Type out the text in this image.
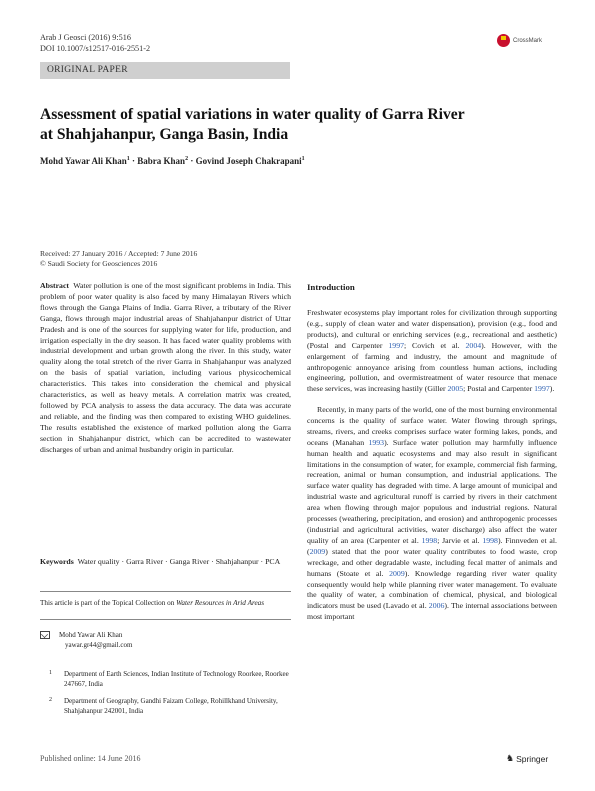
Arab J Geosci (2016) 9:516
DOI 10.1007/s12517-016-2551-2
CrossMark
ORIGINAL PAPER
Assessment of spatial variations in water quality of Garra River
at Shahjahanpur, Ganga Basin, India
Mohd Yawar Ali Khan$^1$ · Babra Khan$^2$ · Govind Joseph Chakrapani$^1$
Received: 27 January 2016 / Accepted: 7 June 2016
© Saudi Society for Geosciences 2016
Abstract Water pollution is one of the most significant problems in India. This problem of poor water quality is also faced by many Himalayan Rivers which flows through the Ganga Plains of India. Garra River, a tributary of the River Ganga, flows through major industrial areas of Shahjahanpur district of Uttar Pradesh and is one of the sources for supplying water for life, production, and irrigation especially in the dry season. It has faced water quality problems with industrial development and urban growth along the river. In this study, water quality along the total stretch of the river Garra in Shahjahanpur was analyzed on the basis of spatial variation, including various physicochemical characteristics. This takes into consideration the chemical and physical characteristics, as well as heavy metals. A correlation matrix was created, followed by PCA analysis to assess the data accuracy. The data was accurate and reliable, and the finding was then compared to existing WHO guidelines. The results established the existence of marked pollution along the Garra section in Shahjahanpur district, which can be accredited to wastewater discharges of urban and animal husbandry origin in particular.
Keywords Water quality · Garra River · Ganga River · Shahjahanpur · PCA
This article is part of the Topical Collection on Water Resources in Arid Areas
Mohd Yawar Ali Khan
yawar.gr44@gmail.com
1 Department of Earth Sciences, Indian Institute of Technology Roorkee, Roorkee 247667, India
2 Department of Geography, Gandhi Faizam College, Rohillkhand University, Shahjahanpur 242001, India
Published online: 14 June 2016	♞ Springer
Introduction
Freshwater ecosystems play important roles for civilization through supporting (e.g., supply of clean water and water dispensation), provision (e.g., food and products), and cultural or enriching services (e.g., recreational and aesthetic) (Postal and Carpenter 1997; Covich et al. 2004). However, with the enlargement of farming and industry, the amount and magnitude of anthropogenic annoyance arising from countless human actions, including engineering, pollution, and overmistreatment of water resource that menace these services, was increasing hastily (Giller 2005; Postal and Carpenter 1997).
Recently, in many parts of the world, one of the most burning environmental concerns is the quality of surface water. Water flowing through springs, streams, rivers, and creeks comprises surface water forming lakes, ponds, and oceans (Manahan 1993). Surface water pollution may harmfully influence human health and aquatic ecosystems and may also result in significant limitations in the consumption of water, for example, commercial fish farming, recreation, animal or human consumption, and industrial applications. The surface water quality has degraded with time. A large amount of municipal and industrial waste and agricultural runoff is carried by rivers in their catchment area when flowing through major populous and industrial regions. Natural processes (weathering, precipitation, and erosion) and anthropogenic processes (industrial and agricultural activities, water discharge) also affect the water quality of an area (Carpenter et al. 1998; Jarvie et al. 1998). Finnveden et al. (2009) stated that the poor water quality contributes to food waste, crop wreckage, and other degradable waste, including fecal matter of animals and humans (Stoate et al. 2009). Knowledge regarding river water quality consequently would help while planning river water management. To evaluate the quality of water, a combination of chemical, physical, and biological indicators must be used (Lavado et al. 2006). The internal associations between most important
